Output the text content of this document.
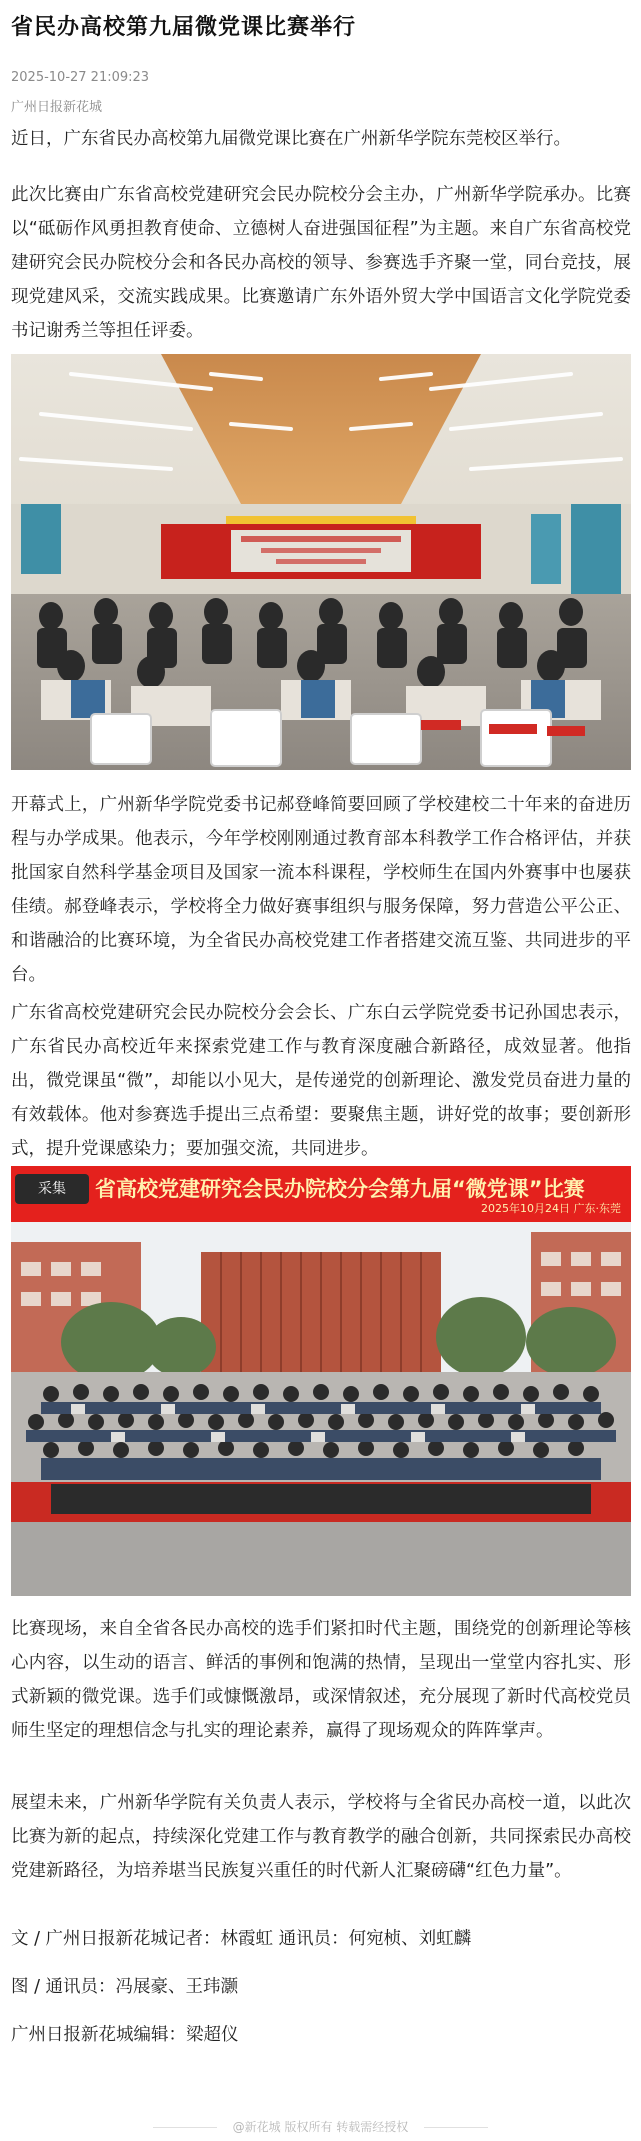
省民办高校第九届微党课比赛举行
2025-10-27 21:09:23
广州日报新花城
近日，广东省民办高校第九届微党课比赛在广州新华学院东莞校区举行。
此次比赛由广东省高校党建研究会民办院校分会主办，广州新华学院承办。比赛以“砥砺作风勇担教育使命、立德树人奋进强国征程”为主题。来自广东省高校党建研究会民办院校分会和各民办高校的领导、参赛选手齐聚一堂，同台竞技，展现党建风采，交流实践成果。比赛邀请广东外语外贸大学中国语言文化学院党委书记谢秀兰等担任评委。
开幕式上，广州新华学院党委书记郝登峰简要回顾了学校建校二十年来的奋进历程与办学成果。他表示，今年学校刚刚通过教育部本科教学工作合格评估，并获批国家自然科学基金项目及国家一流本科课程，学校师生在国内外赛事中也屡获佳绩。郝登峰表示，学校将全力做好赛事组织与服务保障，努力营造公平公正、和谐融洽的比赛环境，为全省民办高校党建工作者搭建交流互鉴、共同进步的平台。
广东省高校党建研究会民办院校分会会长、广东白云学院党委书记孙国忠表示，广东省民办高校近年来探索党建工作与教育深度融合新路径，成效显著。他指出，微党课虽“微”，却能以小见大，是传递党的创新理论、激发党员奋进力量的有效载体。他对参赛选手提出三点希望：要聚焦主题，讲好党的故事；要创新形式，提升党课感染力；要加强交流，共同进步。
采集	省高校党建研究会民办院校分会第九届“微党课”比赛
2025年10月24日 广东·东莞
比赛现场，来自全省各民办高校的选手们紧扣时代主题，围绕党的创新理论等核心内容，以生动的语言、鲜活的事例和饱满的热情，呈现出一堂堂内容扎实、形式新颖的微党课。选手们或慷慨激昂，或深情叙述，充分展现了新时代高校党员师生坚定的理想信念与扎实的理论素养，赢得了现场观众的阵阵掌声。
展望未来，广州新华学院有关负责人表示，学校将与全省民办高校一道，以此次比赛为新的起点，持续深化党建工作与教育教学的融合创新，共同探索民办高校党建新路径，为培养堪当民族复兴重任的时代新人汇聚磅礴“红色力量”。
文 / 广州日报新花城记者：林霞虹 通讯员：何宛桢、刘虹麟
图 / 通讯员：冯展豪、王玮灏
广州日报新花城编辑：梁超仪
@新花城 版权所有 转载需经授权
